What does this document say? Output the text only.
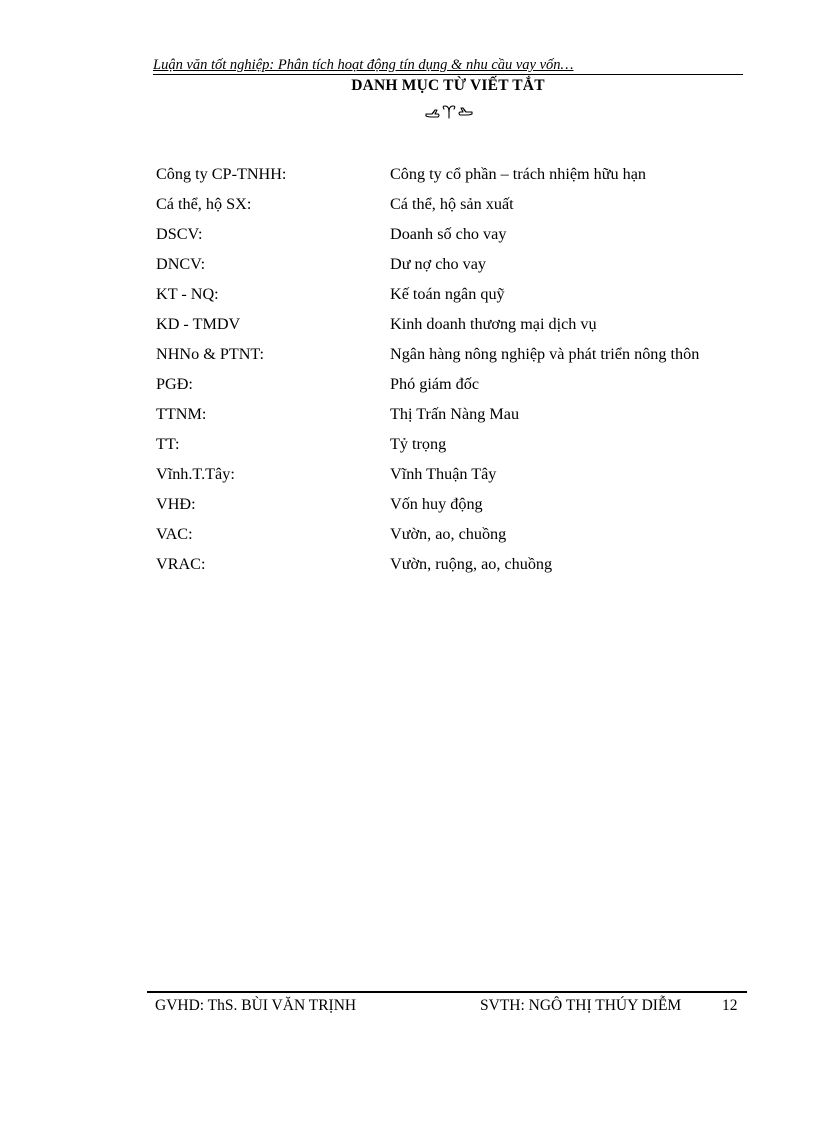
Luận văn tốt nghiệp: Phân tích hoạt động tín dụng & nhu cầu vay vốn…
DANH MỤC TỪ VIẾT TẮT
Công ty CP-TNHH:	Công ty cổ phần – trách nhiệm hữu hạn
Cá thể, hộ SX:	Cá thể, hộ sản xuất
DSCV:	Doanh số cho vay
DNCV:	Dư nợ cho vay
KT - NQ:	Kế toán ngân quỹ
KD - TMDV	Kinh doanh thương mại dịch vụ
NHNo & PTNT:	Ngân hàng nông nghiệp và phát triển nông thôn
PGĐ:	Phó giám đốc
TTNM:	Thị Trấn Nàng Mau
TT:	Tỷ trọng
Vĩnh.T.Tây:	Vĩnh Thuận Tây
VHĐ:	Vốn huy động
VAC:	Vườn, ao, chuồng
VRAC:	Vườn, ruộng, ao, chuồng
GVHD: ThS. BÙI VĂN TRỊNH	SVTH: NGÔ THỊ THÚY DIỄM	12
